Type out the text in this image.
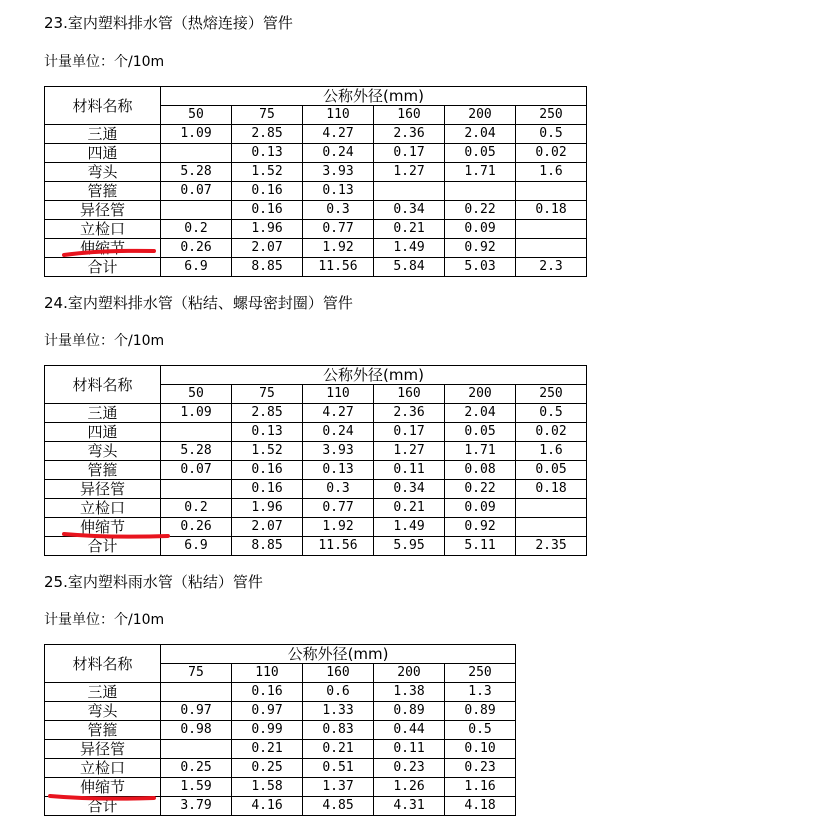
23.室内塑料排水管（热熔连接）管件
计量单位：个/10m
材料名称	公称外径(mm)					
	50	75	110	160	200	250
三通	1.09	2.85	4.27	2.36	2.04	0.5
四通		0.13	0.24	0.17	0.05	0.02
弯头	5.28	1.52	3.93	1.27	1.71	1.6
管箍	0.07	0.16	0.13			
异径管		0.16	0.3	0.34	0.22	0.18
立检口	0.2	1.96	0.77	0.21	0.09	
伸缩节	0.26	2.07	1.92	1.49	0.92	
合计	6.9	8.85	11.56	5.84	5.03	2.3
24.室内塑料排水管（粘结、螺母密封圈）管件
计量单位：个/10m
材料名称	公称外径(mm)					
	50	75	110	160	200	250
三通	1.09	2.85	4.27	2.36	2.04	0.5
四通		0.13	0.24	0.17	0.05	0.02
弯头	5.28	1.52	3.93	1.27	1.71	1.6
管箍	0.07	0.16	0.13	0.11	0.08	0.05
异径管		0.16	0.3	0.34	0.22	0.18
立检口	0.2	1.96	0.77	0.21	0.09	
伸缩节	0.26	2.07	1.92	1.49	0.92	
合计	6.9	8.85	11.56	5.95	5.11	2.35
25.室内塑料雨水管（粘结）管件
计量单位：个/10m
材料名称	公称外径(mm)				
	75	110	160	200	250
三通		0.16	0.6	1.38	1.3
弯头	0.97	0.97	1.33	0.89	0.89
管箍	0.98	0.99	0.83	0.44	0.5
异径管		0.21	0.21	0.11	0.10
立检口	0.25	0.25	0.51	0.23	0.23
伸缩节	1.59	1.58	1.37	1.26	1.16
合计	3.79	4.16	4.85	4.31	4.18
